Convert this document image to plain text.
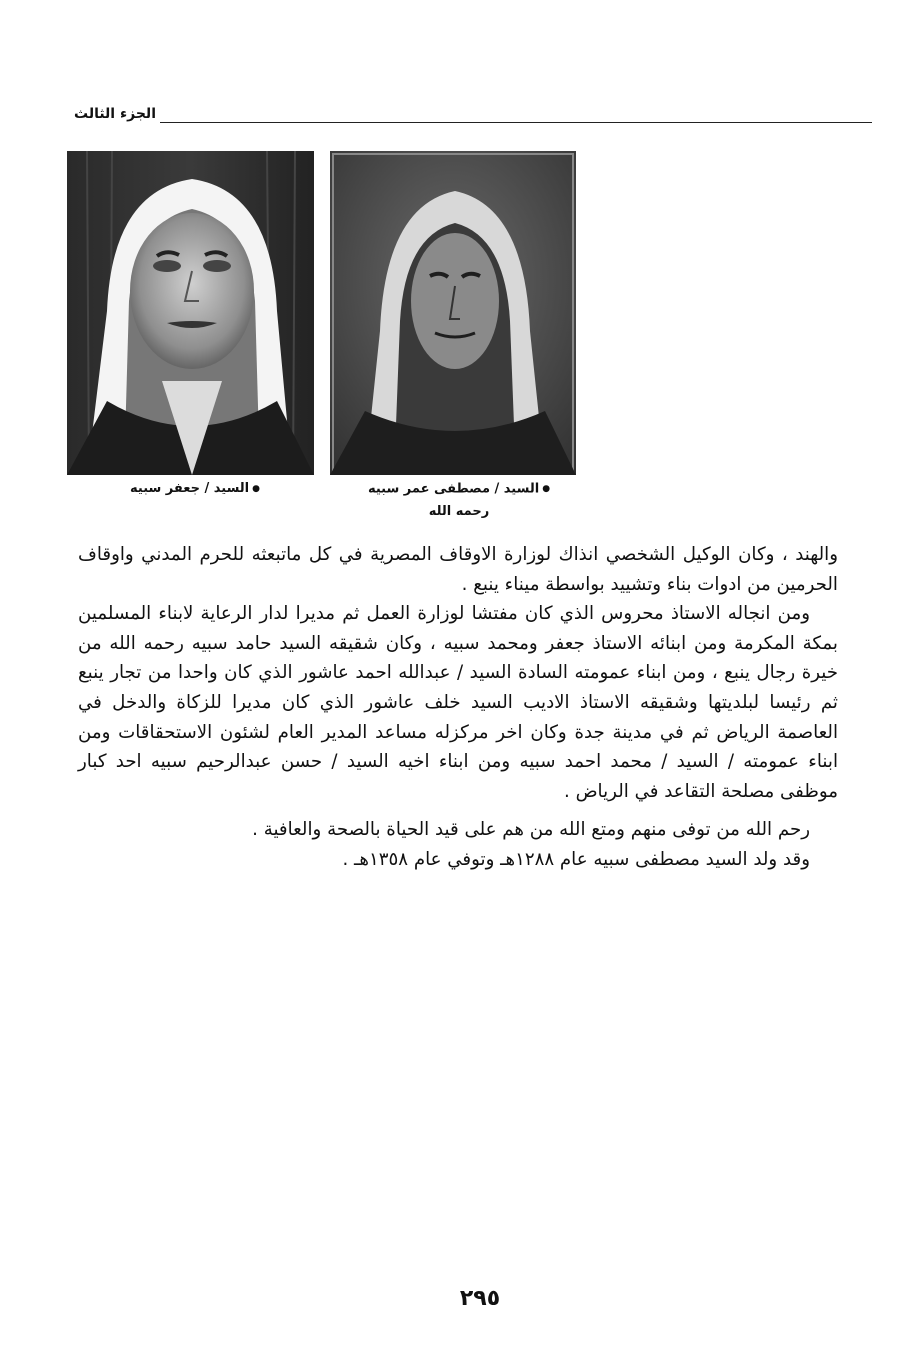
الجزء الثالث
●السيد / جعفر سبيه	●السيد / مصطفى عمر سبيه
رحمه الله

والهند ، وكان الوكيل الشخصي انذاك لوزارة الاوقاف المصرية في كل ماتبعثه للحرم المدني واوقاف الحرمين من ادوات بناء وتشييد بواسطة ميناء ينبع .

ومن انجاله الاستاذ محروس الذي كان مفتشا لوزارة العمل ثم مديرا لدار الرعاية لابناء المسلمين بمكة المكرمة ومن ابنائه الاستاذ جعفر ومحمد سبيه ، وكان شقيقه السيد حامد سبيه رحمه الله من خيرة رجال ينبع ، ومن ابناء عمومته السادة السيد / عبدالله احمد عاشور الذي كان واحدا من تجار ينبع ثم رئيسا لبلديتها وشقيقه الاستاذ الاديب السيد خلف عاشور الذي كان مديرا للزكاة والدخل في العاصمة الرياض ثم في مدينة جدة وكان اخر مركزله مساعد المدير العام لشئون الاستحقاقات ومن ابناء عمومته / السيد / محمد احمد سبيه ومن ابناء اخيه السيد / حسن عبدالرحيم سبيه احد كبار موظفى مصلحة التقاعد في الرياض .

رحم الله من توفى منهم ومتع الله من هم على قيد الحياة بالصحة والعافية .

وقد ولد السيد مصطفى سبيه عام ١٢٨٨هـ وتوفي عام ١٣٥٨هـ .

٢٩٥
